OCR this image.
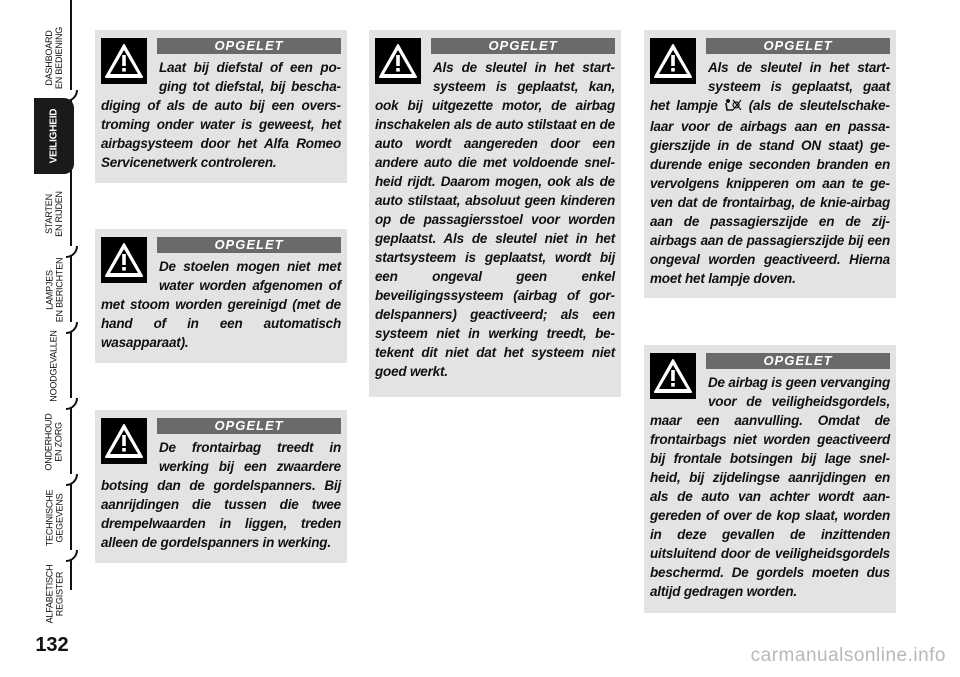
DASHBOARD
EN BEDIENING
VEILIGHEID
STARTEN
EN RIJDEN
LAMPJES
EN BERICHTEN
NOODGEVALLEN
ONDERHOUD
EN ZORG
TECHNISCHE
GEGEVENS
ALFABETISCH
REGISTER
132
OPGELET
Laat bij diefstal of een poging tot diefstal, bij beschadiging of als de auto bij een overstroming onder water is geweest, het airbagsysteem door het Alfa Romeo Servicenetwerk controleren.
OPGELET
De stoelen mogen niet met water worden afgenomen of met stoom worden gereinigd (met de hand of in een automatisch wasapparaat).
OPGELET
De frontairbag treedt in werking bij een zwaardere botsing dan de gordelspanners. Bij aanrijdingen die tussen die twee drempelwaarden in liggen, treden alleen de gordelspanners in werking.
OPGELET
Als de sleutel in het startsysteem is geplaatst, kan, ook bij uitgezette motor, de airbag inschakelen als de auto stilstaat en de auto wordt aangereden door een andere auto die met voldoende snelheid rijdt. Daarom mogen, ook als de auto stilstaat, absoluut geen kinderen op de passagiersstoel voor worden geplaatst. Als de sleutel niet in het startsysteem is geplaatst, wordt bij een ongeval geen enkel beveiligingssysteem (airbag of gordelspanners) geactiveerd; als een systeem niet in werking treedt, betekent dit niet dat het systeem niet goed werkt.
OPGELET
Als de sleutel in het startsysteem is geplaatst, gaat het lampje (als de sleutelschakelaar voor de airbags aan en passagierszijde in de stand ON staat) gedurende enige seconden branden en vervolgens knipperen om aan te geven dat de frontairbag, de knie-airbag aan de passagierszijde en de zijairbags aan de passagierszijde bij een ongeval worden geactiveerd. Hierna moet het lampje doven.
OPGELET
De airbag is geen vervanging voor de veiligheidsgordels, maar een aanvulling. Omdat de frontairbags niet worden geactiveerd bij frontale botsingen bij lage snelheid, bij zijdelingse aanrijdingen en als de auto van achter wordt aangereden of over de kop slaat, worden in deze gevallen de inzittenden uitsluitend door de veiligheidsgordels beschermd. De gordels moeten dus altijd gedragen worden.
carmanualsonline.info
